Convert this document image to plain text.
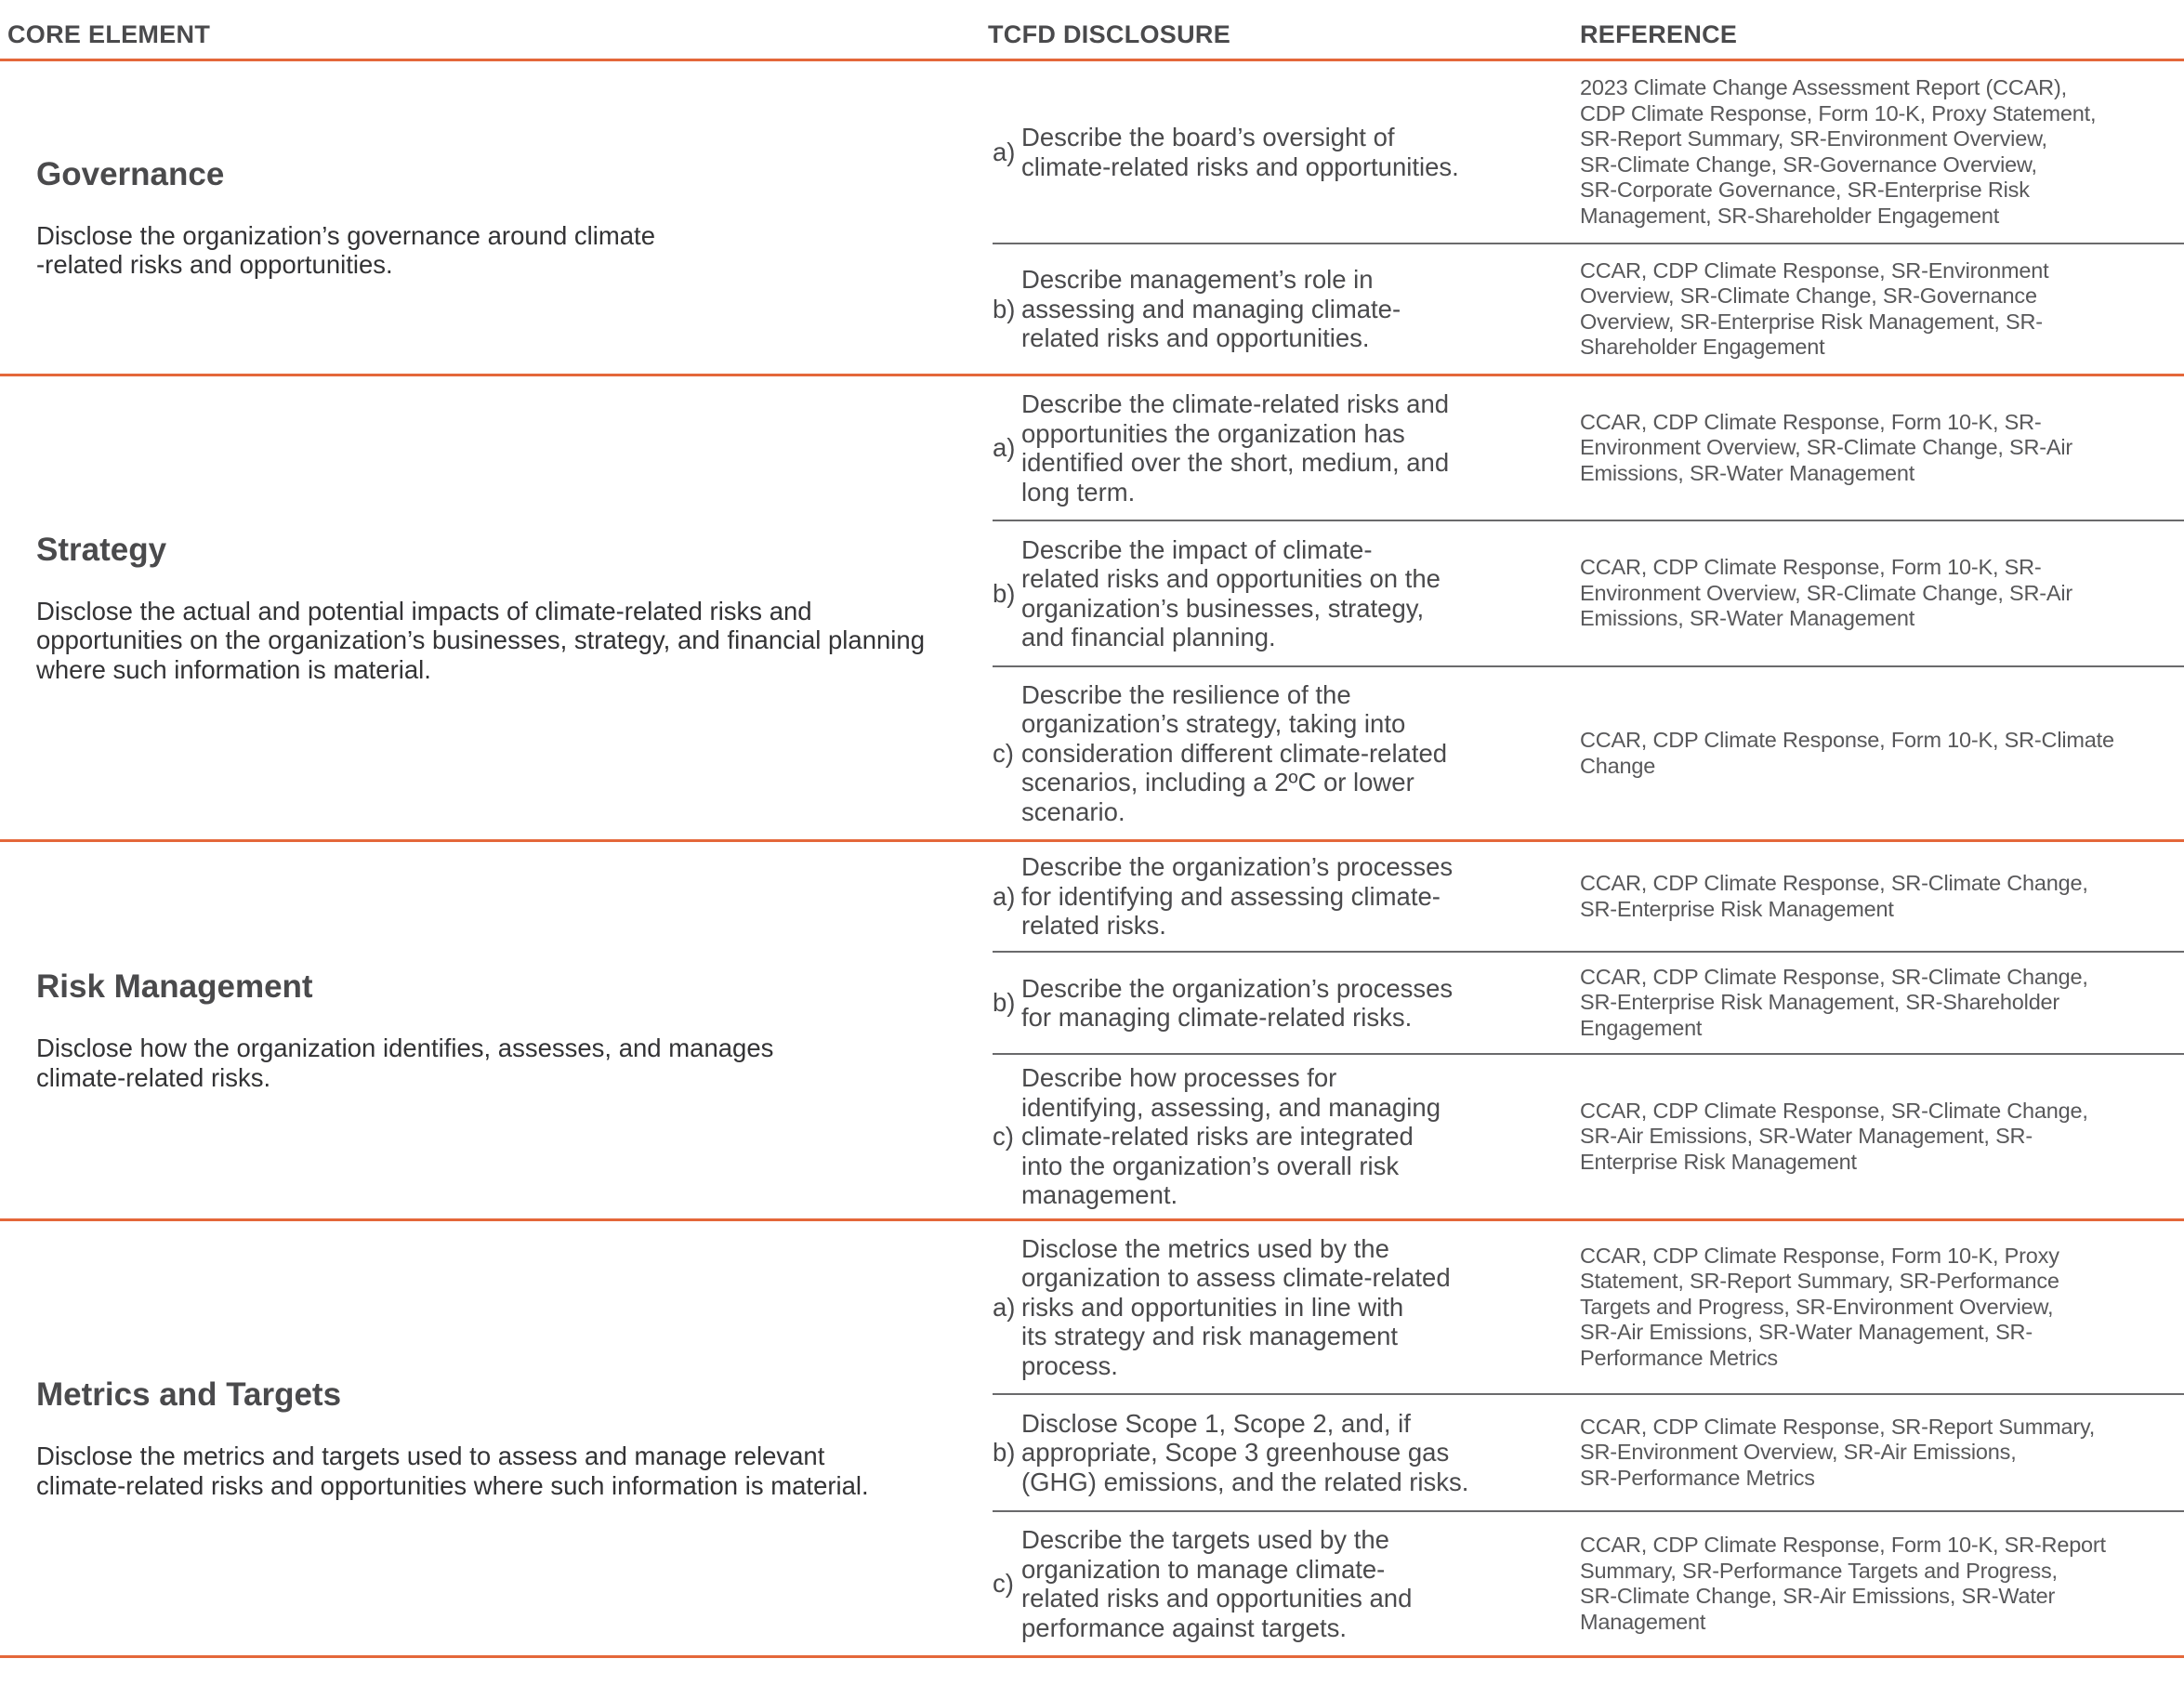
CORE ELEMENT	TCFD DISCLOSURE	REFERENCE
Governance
Disclose the organization’s governance around climate
-related risks and opportunities.
a)
Describe the board’s oversight of
climate-related risks and opportunities.
2023 Climate Change Assessment Report (CCAR),
CDP Climate Response, Form 10-K, Proxy Statement,
SR-Report Summary, SR-Environment Overview,
SR-Climate Change, SR-Governance Overview,
SR-Corporate Governance, SR-Enterprise Risk
Management, SR-Shareholder Engagement
b)
Describe management’s role in
assessing and managing climate-
related risks and opportunities.
CCAR, CDP Climate Response, SR-Environment
Overview, SR-Climate Change, SR-Governance
Overview, SR-Enterprise Risk Management, SR-
Shareholder Engagement
Strategy
Disclose the actual and potential impacts of climate-related risks and
opportunities on the organization’s businesses, strategy, and financial planning
where such information is material.
a)
Describe the climate-related risks and
opportunities the organization has
identified over the short, medium, and
long term.
CCAR, CDP Climate Response, Form 10-K, SR-
Environment Overview, SR-Climate Change, SR-Air
Emissions, SR-Water Management
b)
Describe the impact of climate-
related risks and opportunities on the
organization’s businesses, strategy,
and financial planning.
CCAR, CDP Climate Response, Form 10-K, SR-
Environment Overview, SR-Climate Change, SR-Air
Emissions, SR-Water Management
c)
Describe the resilience of the
organization’s strategy, taking into
consideration different climate-related
scenarios, including a 2ºC or lower
scenario.
CCAR, CDP Climate Response, Form 10-K, SR-Climate
Change
Risk Management
Disclose how the organization identifies, assesses, and manages
climate-related risks.
a)
Describe the organization’s processes
for identifying and assessing climate-
related risks.
CCAR, CDP Climate Response, SR-Climate Change,
SR-Enterprise Risk Management
b)
Describe the organization’s processes
for managing climate-related risks.
CCAR, CDP Climate Response, SR-Climate Change,
SR-Enterprise Risk Management, SR-Shareholder
Engagement
c)
Describe how processes for
identifying, assessing, and managing
climate-related risks are integrated
into the organization’s overall risk
management.
CCAR, CDP Climate Response, SR-Climate Change,
SR-Air Emissions, SR-Water Management, SR-
Enterprise Risk Management
Metrics and Targets
Disclose the metrics and targets used to assess and manage relevant
climate-related risks and opportunities where such information is material.
a)
Disclose the metrics used by the
organization to assess climate-related
risks and opportunities in line with
its strategy and risk management
process.
CCAR, CDP Climate Response, Form 10-K, Proxy
Statement, SR-Report Summary, SR-Performance
Targets and Progress, SR-Environment Overview,
SR-Air Emissions, SR-Water Management, SR-
Performance Metrics
b)
Disclose Scope 1, Scope 2, and, if
appropriate, Scope 3 greenhouse gas
(GHG) emissions, and the related risks.
CCAR, CDP Climate Response, SR-Report Summary,
SR-Environment Overview, SR-Air Emissions,
SR-Performance Metrics
c)
Describe the targets used by the
organization to manage climate-
related risks and opportunities and
performance against targets.
CCAR, CDP Climate Response, Form 10-K, SR-Report
Summary, SR-Performance Targets and Progress,
SR-Climate Change, SR-Air Emissions, SR-Water
Management
